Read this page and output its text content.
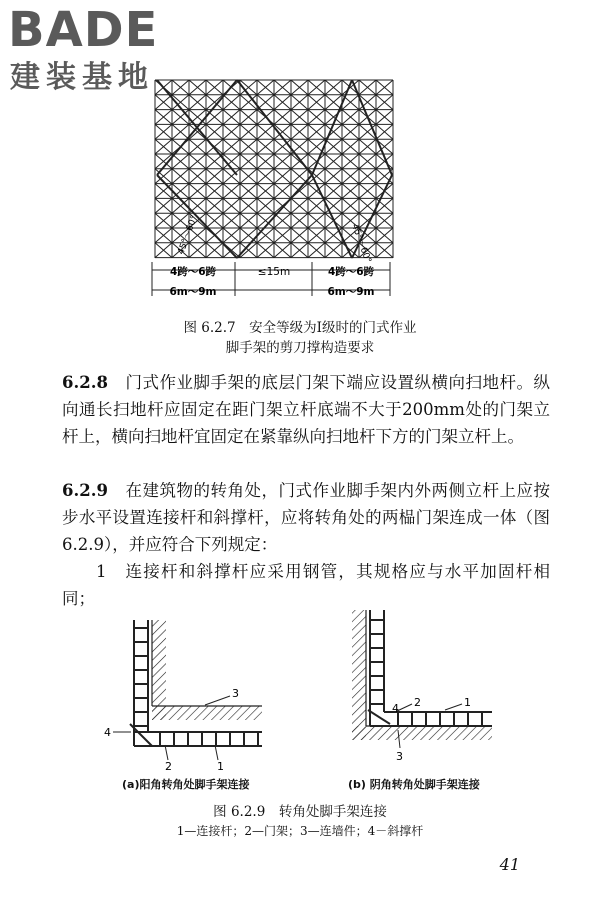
BADE
建装基地
4跨～6跨	≤15m	4跨～6跨
6m～9m	6m～9m
45°～60°	45°～60°
图 6.2.7　安全等级为Ⅰ级时的门式作业
脚手架的剪刀撑构造要求
6.2.8　 门式作业脚手架的底层门架下端应设置纵横向扫地杆。纵向通长扫地杆应固定在距门架立杆底端不大于200mm处的门架立杆上，横向扫地杆宜固定在紧靠纵向扫地杆下方的门架立杆上。
6.2.9　 在建筑物的转角处，门式作业脚手架内外两侧立杆上应按步水平设置连接杆和斜撑杆，应将转角处的两榀门架连成一体（图6.2.9），并应符合下列规定：
1　 连接杆和斜撑杆应采用钢管，其规格应与水平加固杆相同；
3
4
2	1
4 2	1
3
(a)阳角转角处脚手架连接	(b) 阴角转角处脚手架连接
图 6.2.9　转角处脚手架连接
1—连接杆；2—门架；3—连墙件；4－斜撑杆
41
